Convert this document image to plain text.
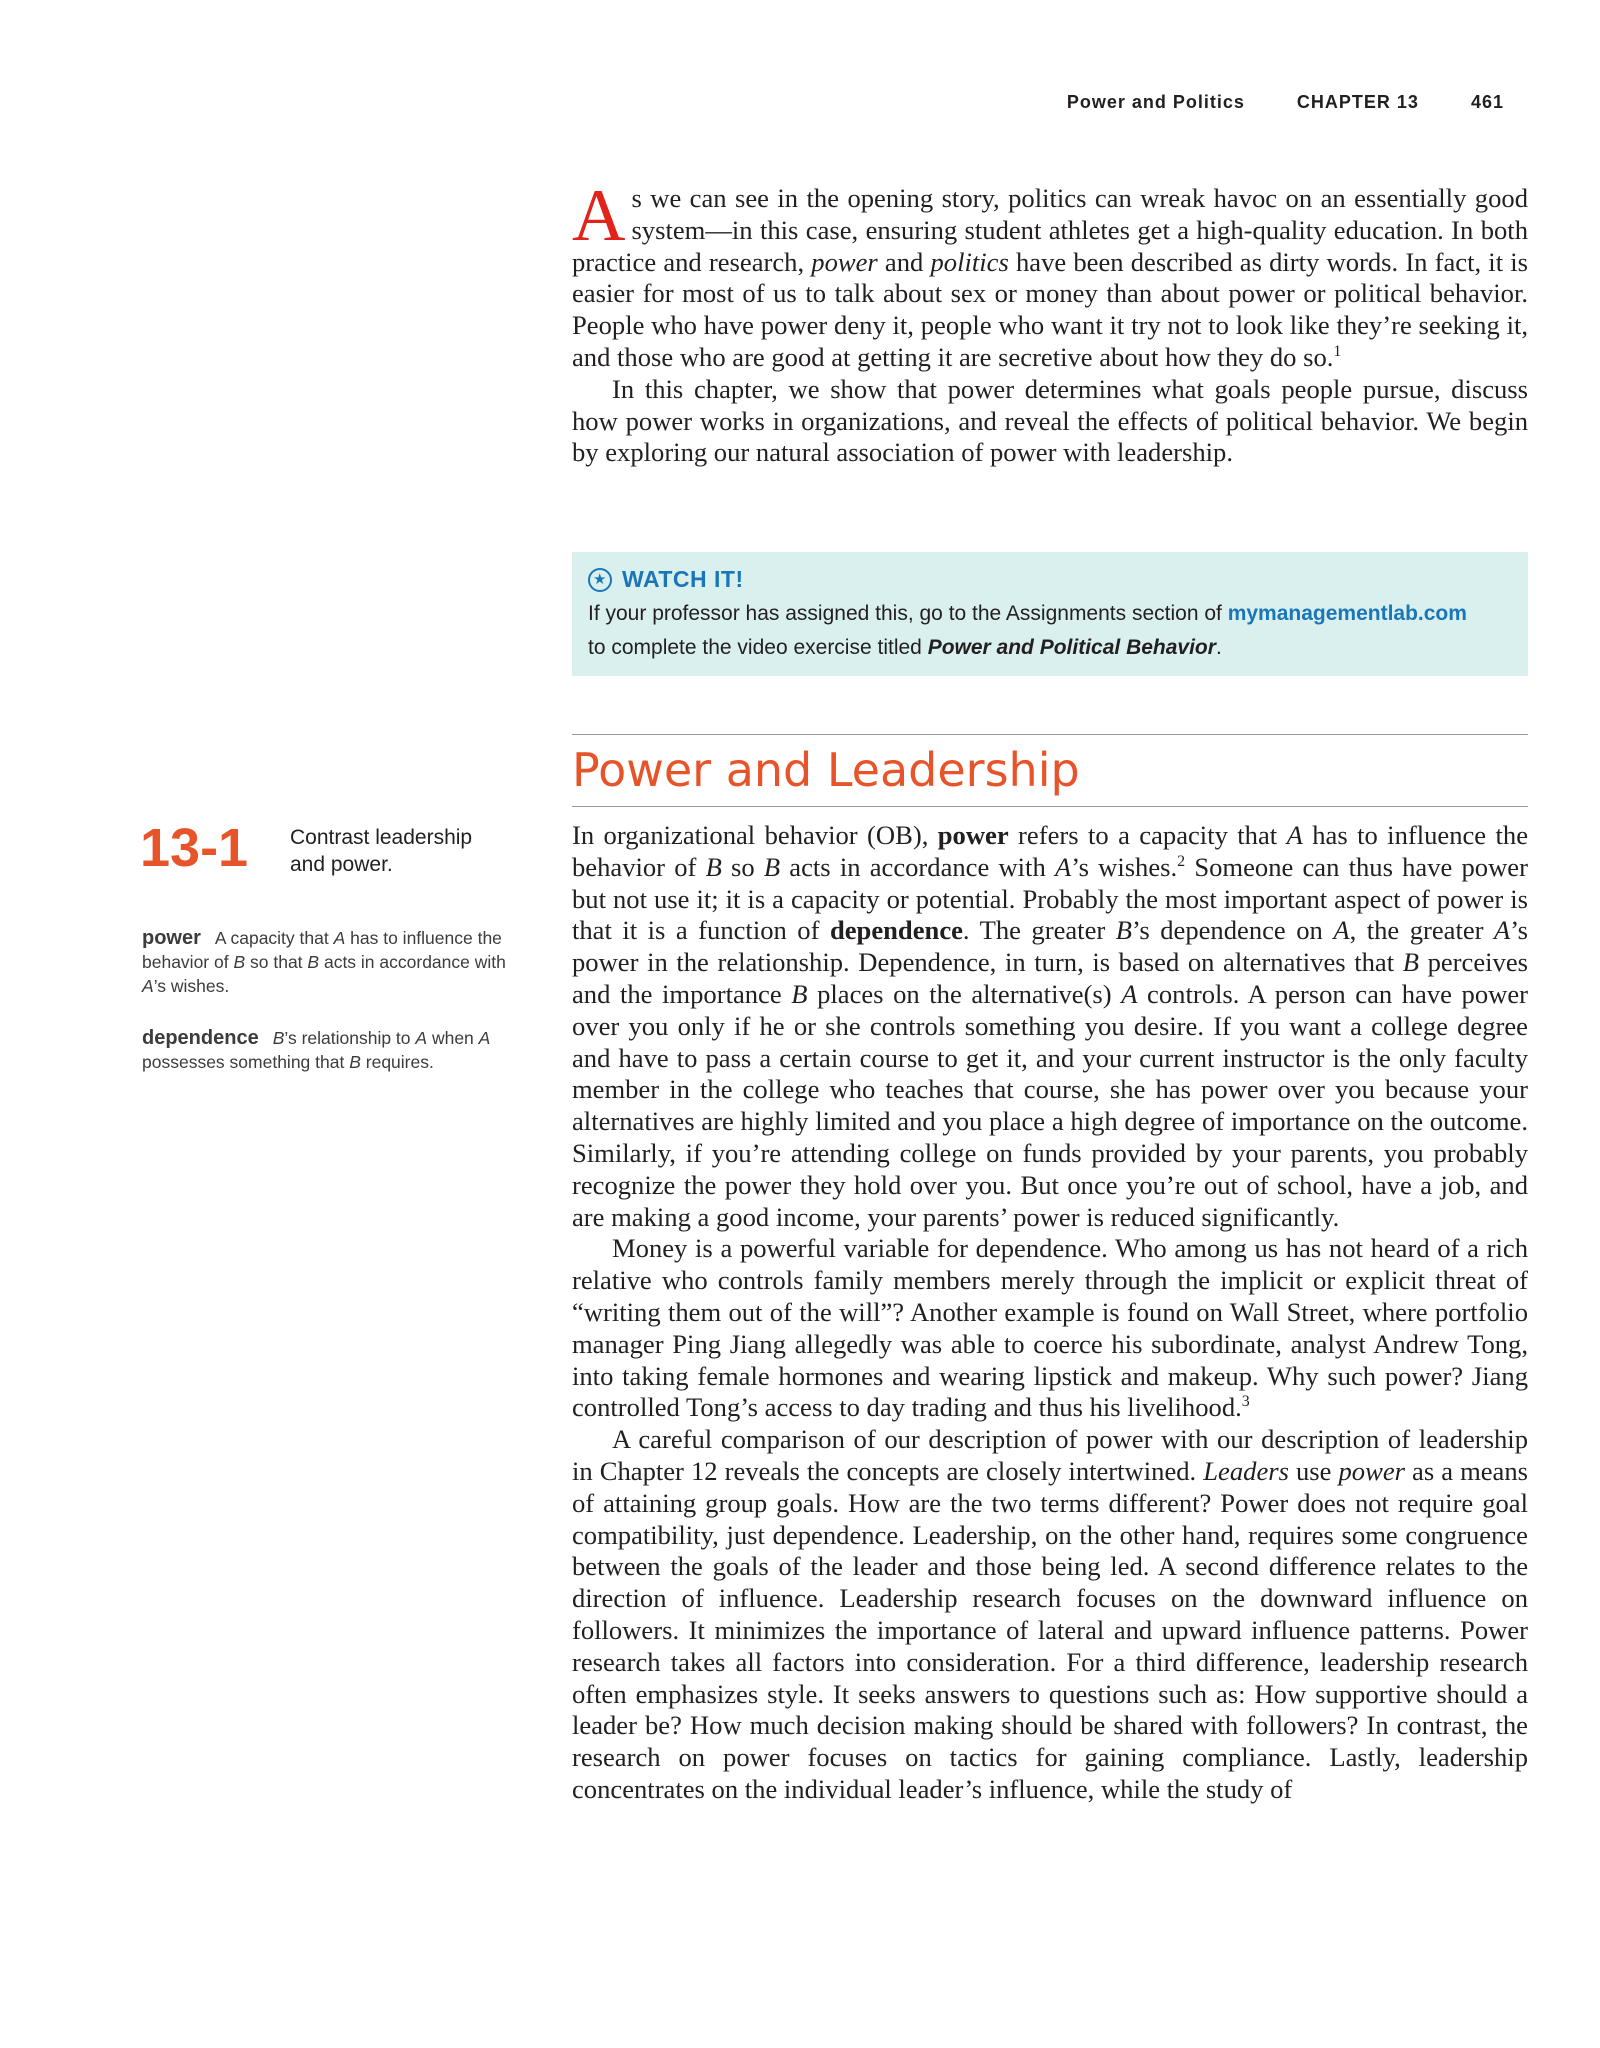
Power and Politics	CHAPTER 13	461

As we can see in the opening story, politics can wreak havoc on an essentially good system—in this case, ensuring student athletes get a high-quality education. In both practice and research, power and politics have been described as dirty words. In fact, it is easier for most of us to talk about sex or money than about power or political behavior. People who have power deny it, people who want it try not to look like they’re seeking it, and those who are good at getting it are secretive about how they do so.$^1$

In this chapter, we show that power determines what goals people pursue, discuss how power works in organizations, and reveal the effects of political behavior. We begin by exploring our natural association of power with leadership.

★ WATCH IT!
If your professor has assigned this, go to the Assignments section of mymanagementlab.com
to complete the video exercise titled Power and Political Behavior.
Power and Leadership
13-1 Contrast leadership and power.
power A capacity that A has to influence the behavior of B so that B acts in accordance with A’s wishes.
dependence B’s relationship to A when A possesses something that B requires.

In organizational behavior (OB), power refers to a capacity that A has to influence the behavior of B so B acts in accordance with A’s wishes.$^2$ Someone can thus have power but not use it; it is a capacity or potential. Probably the most important aspect of power is that it is a function of dependence. The greater B’s dependence on A, the greater A’s power in the relationship. Dependence, in turn, is based on alternatives that B perceives and the importance B places on the alternative(s) A controls. A person can have power over you only if he or she controls something you desire. If you want a college degree and have to pass a certain course to get it, and your current instructor is the only faculty member in the college who teaches that course, she has power over you because your alternatives are highly limited and you place a high degree of importance on the outcome. Similarly, if you’re attending college on funds provided by your parents, you probably recognize the power they hold over you. But once you’re out of school, have a job, and are making a good income, your parents’ power is reduced significantly.

Money is a powerful variable for dependence. Who among us has not heard of a rich relative who controls family members merely through the implicit or explicit threat of “writing them out of the will”? Another example is found on Wall Street, where portfolio manager Ping Jiang allegedly was able to coerce his subordinate, analyst Andrew Tong, into taking female hormones and wearing lipstick and makeup. Why such power? Jiang controlled Tong’s access to day trading and thus his livelihood.$^3$

A careful comparison of our description of power with our description of leadership in Chapter 12 reveals the concepts are closely intertwined. Leaders use power as a means of attaining group goals. How are the two terms different? Power does not require goal compatibility, just dependence. Leadership, on the other hand, requires some congruence between the goals of the leader and those being led. A second difference relates to the direction of influence. Leadership research focuses on the downward influence on followers. It minimizes the importance of lateral and upward influence patterns. Power research takes all factors into consideration. For a third difference, leadership research often emphasizes style. It seeks answers to questions such as: How supportive should a leader be? How much decision making should be shared with followers? In contrast, the research on power focuses on tactics for gaining compliance. Lastly, leadership concentrates on the individual leader’s influence, while the study of
